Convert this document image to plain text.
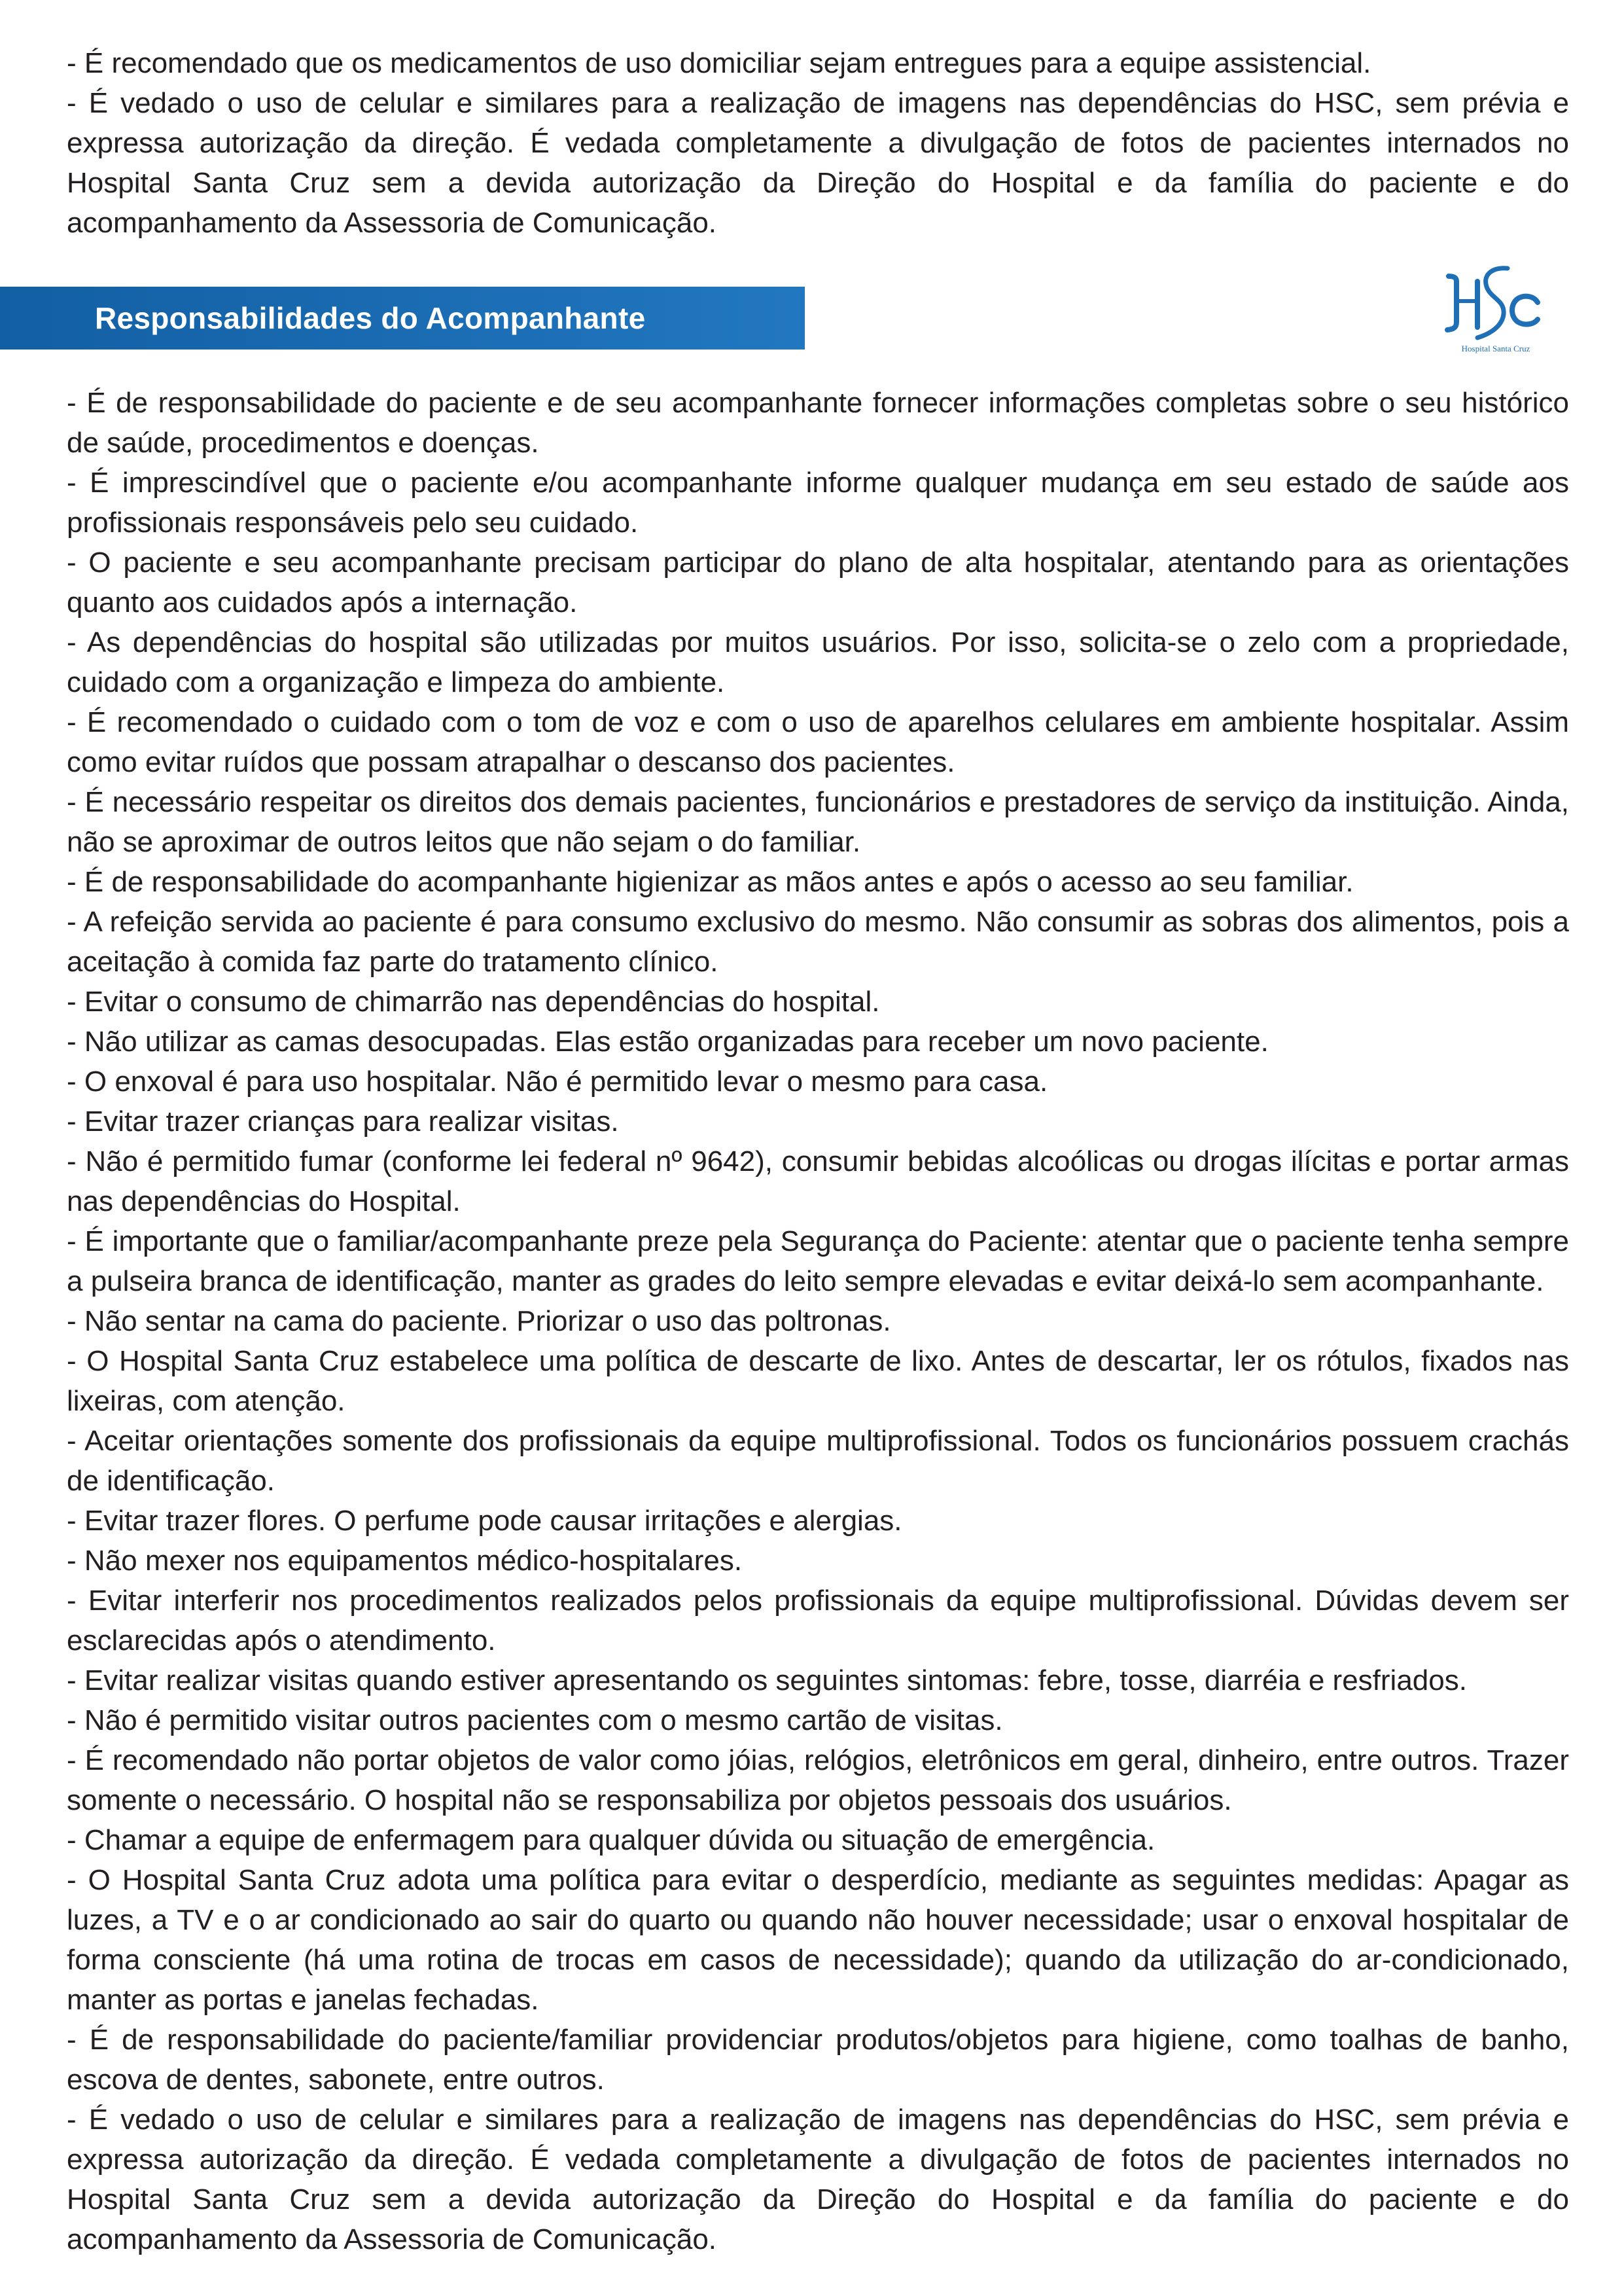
- É recomendado que os medicamentos de uso domiciliar sejam entregues para a equipe assistencial.

- É vedado o uso de celular e similares para a realização de imagens nas dependências do HSC, sem prévia e expressa autorização da direção. É vedada completamente a divulgação de fotos de pacientes internados no Hospital Santa Cruz sem a devida autorização da Direção do Hospital e da família do paciente e do acompanhamento da Assessoria de Comunicação.

Responsabilidades do Acompanhante
Hospital Santa Cruz

- É de responsabilidade do paciente e de seu acompanhante fornecer informações completas sobre o seu histórico de saúde, procedimentos e doenças.

- É imprescindível que o paciente e/ou acompanhante informe qualquer mudança em seu estado de saúde aos profissionais responsáveis pelo seu cuidado.

- O paciente e seu acompanhante precisam participar do plano de alta hospitalar, atentando para as orientações quanto aos cuidados após a internação.

- As dependências do hospital são utilizadas por muitos usuários. Por isso, solicita-se o zelo com a propriedade, cuidado com a organização e limpeza do ambiente.

- É recomendado o cuidado com o tom de voz e com o uso de aparelhos celulares em ambiente hospitalar. Assim como evitar ruídos que possam atrapalhar o descanso dos pacientes.

- É necessário respeitar os direitos dos demais pacientes, funcionários e prestadores de serviço da instituição. Ainda, não se aproximar de outros leitos que não sejam o do familiar.

- É de responsabilidade do acompanhante higienizar as mãos antes e após o acesso ao seu familiar.

- A refeição servida ao paciente é para consumo exclusivo do mesmo. Não consumir as sobras dos alimentos, pois a aceitação à comida faz parte do tratamento clínico.

- Evitar o consumo de chimarrão nas dependências do hospital.

- Não utilizar as camas desocupadas. Elas estão organizadas para receber um novo paciente.

- O enxoval é para uso hospitalar. Não é permitido levar o mesmo para casa.

- Evitar trazer crianças para realizar visitas.

- Não é permitido fumar (conforme lei federal nº 9642), consumir bebidas alcoólicas ou drogas ilícitas e portar armas nas dependências do Hospital.

- É importante que o familiar/acompanhante preze pela Segurança do Paciente: atentar que o paciente tenha sempre a pulseira branca de identificação, manter as grades do leito sempre elevadas e evitar deixá-lo sem acompanhante.

- Não sentar na cama do paciente. Priorizar o uso das poltronas.

- O Hospital Santa Cruz estabelece uma política de descarte de lixo. Antes de descartar, ler os rótulos, fixados nas lixeiras, com atenção.

- Aceitar orientações somente dos profissionais da equipe multiprofissional. Todos os funcionários possuem crachás de identificação.

- Evitar trazer flores. O perfume pode causar irritações e alergias.

- Não mexer nos equipamentos médico-hospitalares.

- Evitar interferir nos procedimentos realizados pelos profissionais da equipe multiprofissional. Dúvidas devem ser esclarecidas após o atendimento.

- Evitar realizar visitas quando estiver apresentando os seguintes sintomas: febre, tosse, diarréia e resfriados.

- Não é permitido visitar outros pacientes com o mesmo cartão de visitas.

- É recomendado não portar objetos de valor como jóias, relógios, eletrônicos em geral, dinheiro, entre outros. Trazer somente o necessário. O hospital não se responsabiliza por objetos pessoais dos usuários.

- Chamar a equipe de enfermagem para qualquer dúvida ou situação de emergência.

- O Hospital Santa Cruz adota uma política para evitar o desperdício, mediante as seguintes medidas: Apagar as luzes, a TV e o ar condicionado ao sair do quarto ou quando não houver necessidade; usar o enxoval hospitalar de forma consciente (há uma rotina de trocas em casos de necessidade); quando da utilização do ar-condicionado, manter as portas e janelas fechadas.

- É de responsabilidade do paciente/familiar providenciar produtos/objetos para higiene, como toalhas de banho, escova de dentes, sabonete, entre outros.

- É vedado o uso de celular e similares para a realização de imagens nas dependências do HSC, sem prévia e expressa autorização da direção. É vedada completamente a divulgação de fotos de pacientes internados no Hospital Santa Cruz sem a devida autorização da Direção do Hospital e da família do paciente e do acompanhamento da Assessoria de Comunicação.
